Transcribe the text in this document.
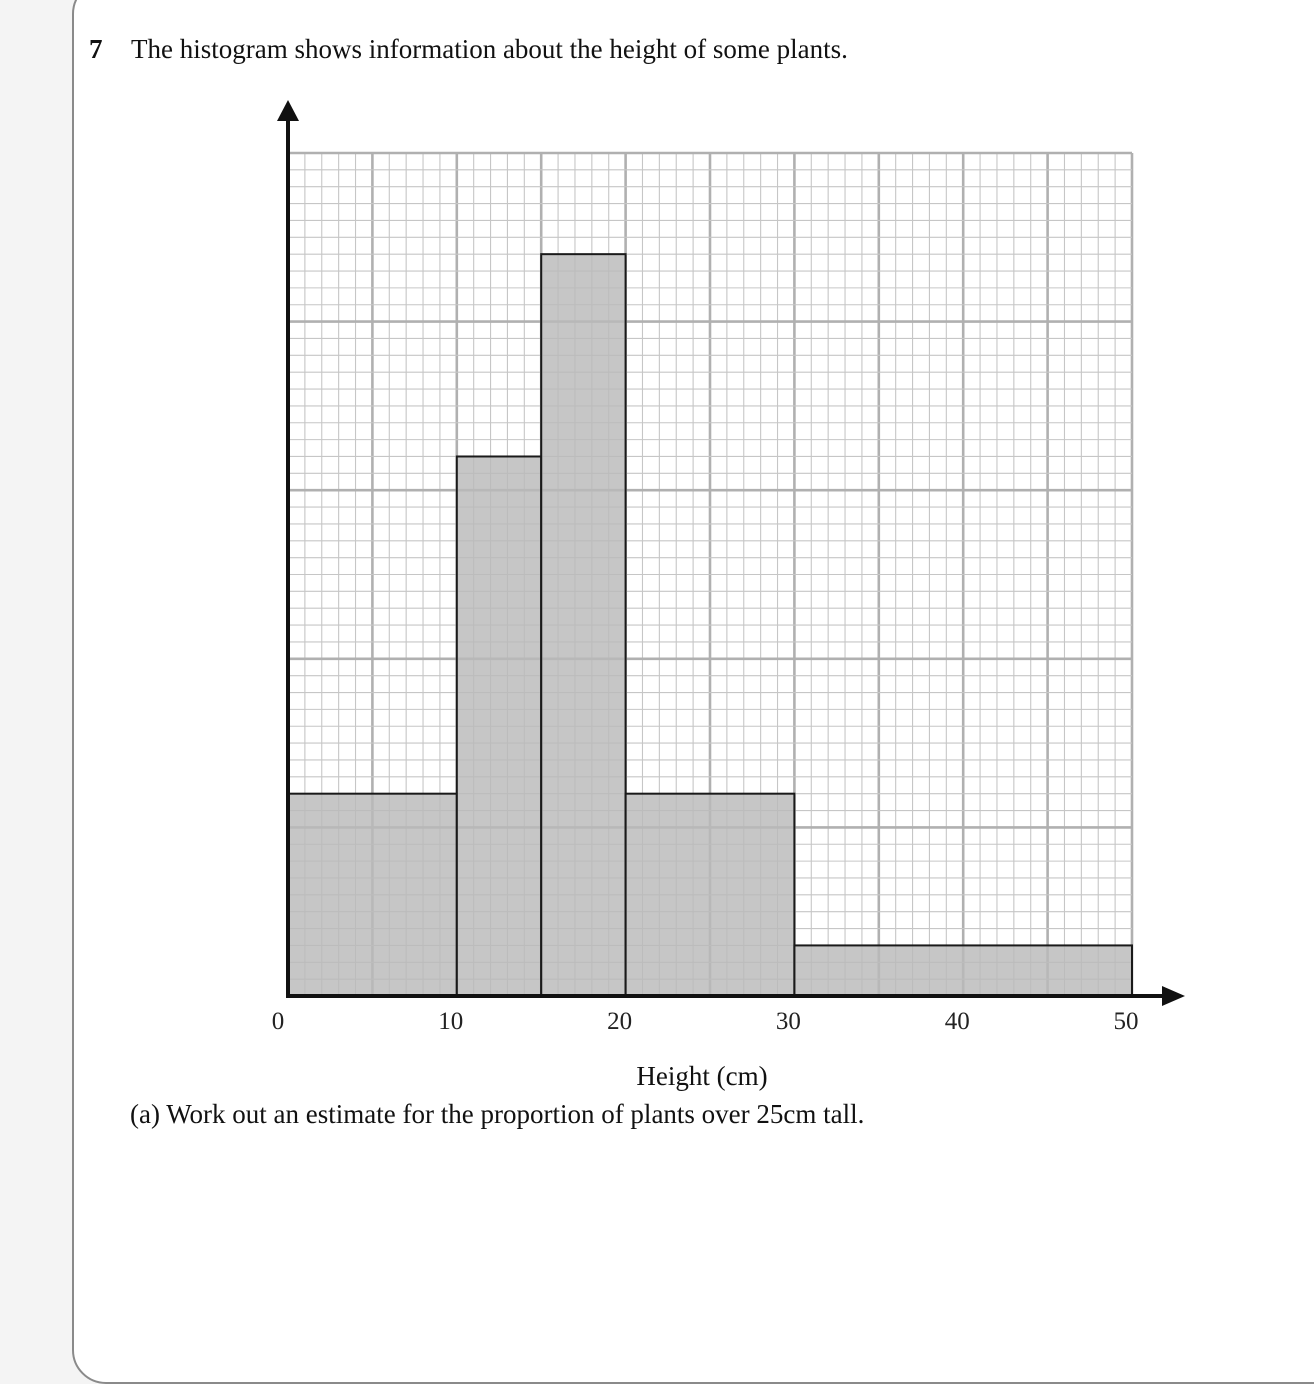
7 The histogram shows information about the height of some plants.
0	10	20	30	40	50
Height (cm)
(a) Work out an estimate for the proportion of plants over 25cm tall.
